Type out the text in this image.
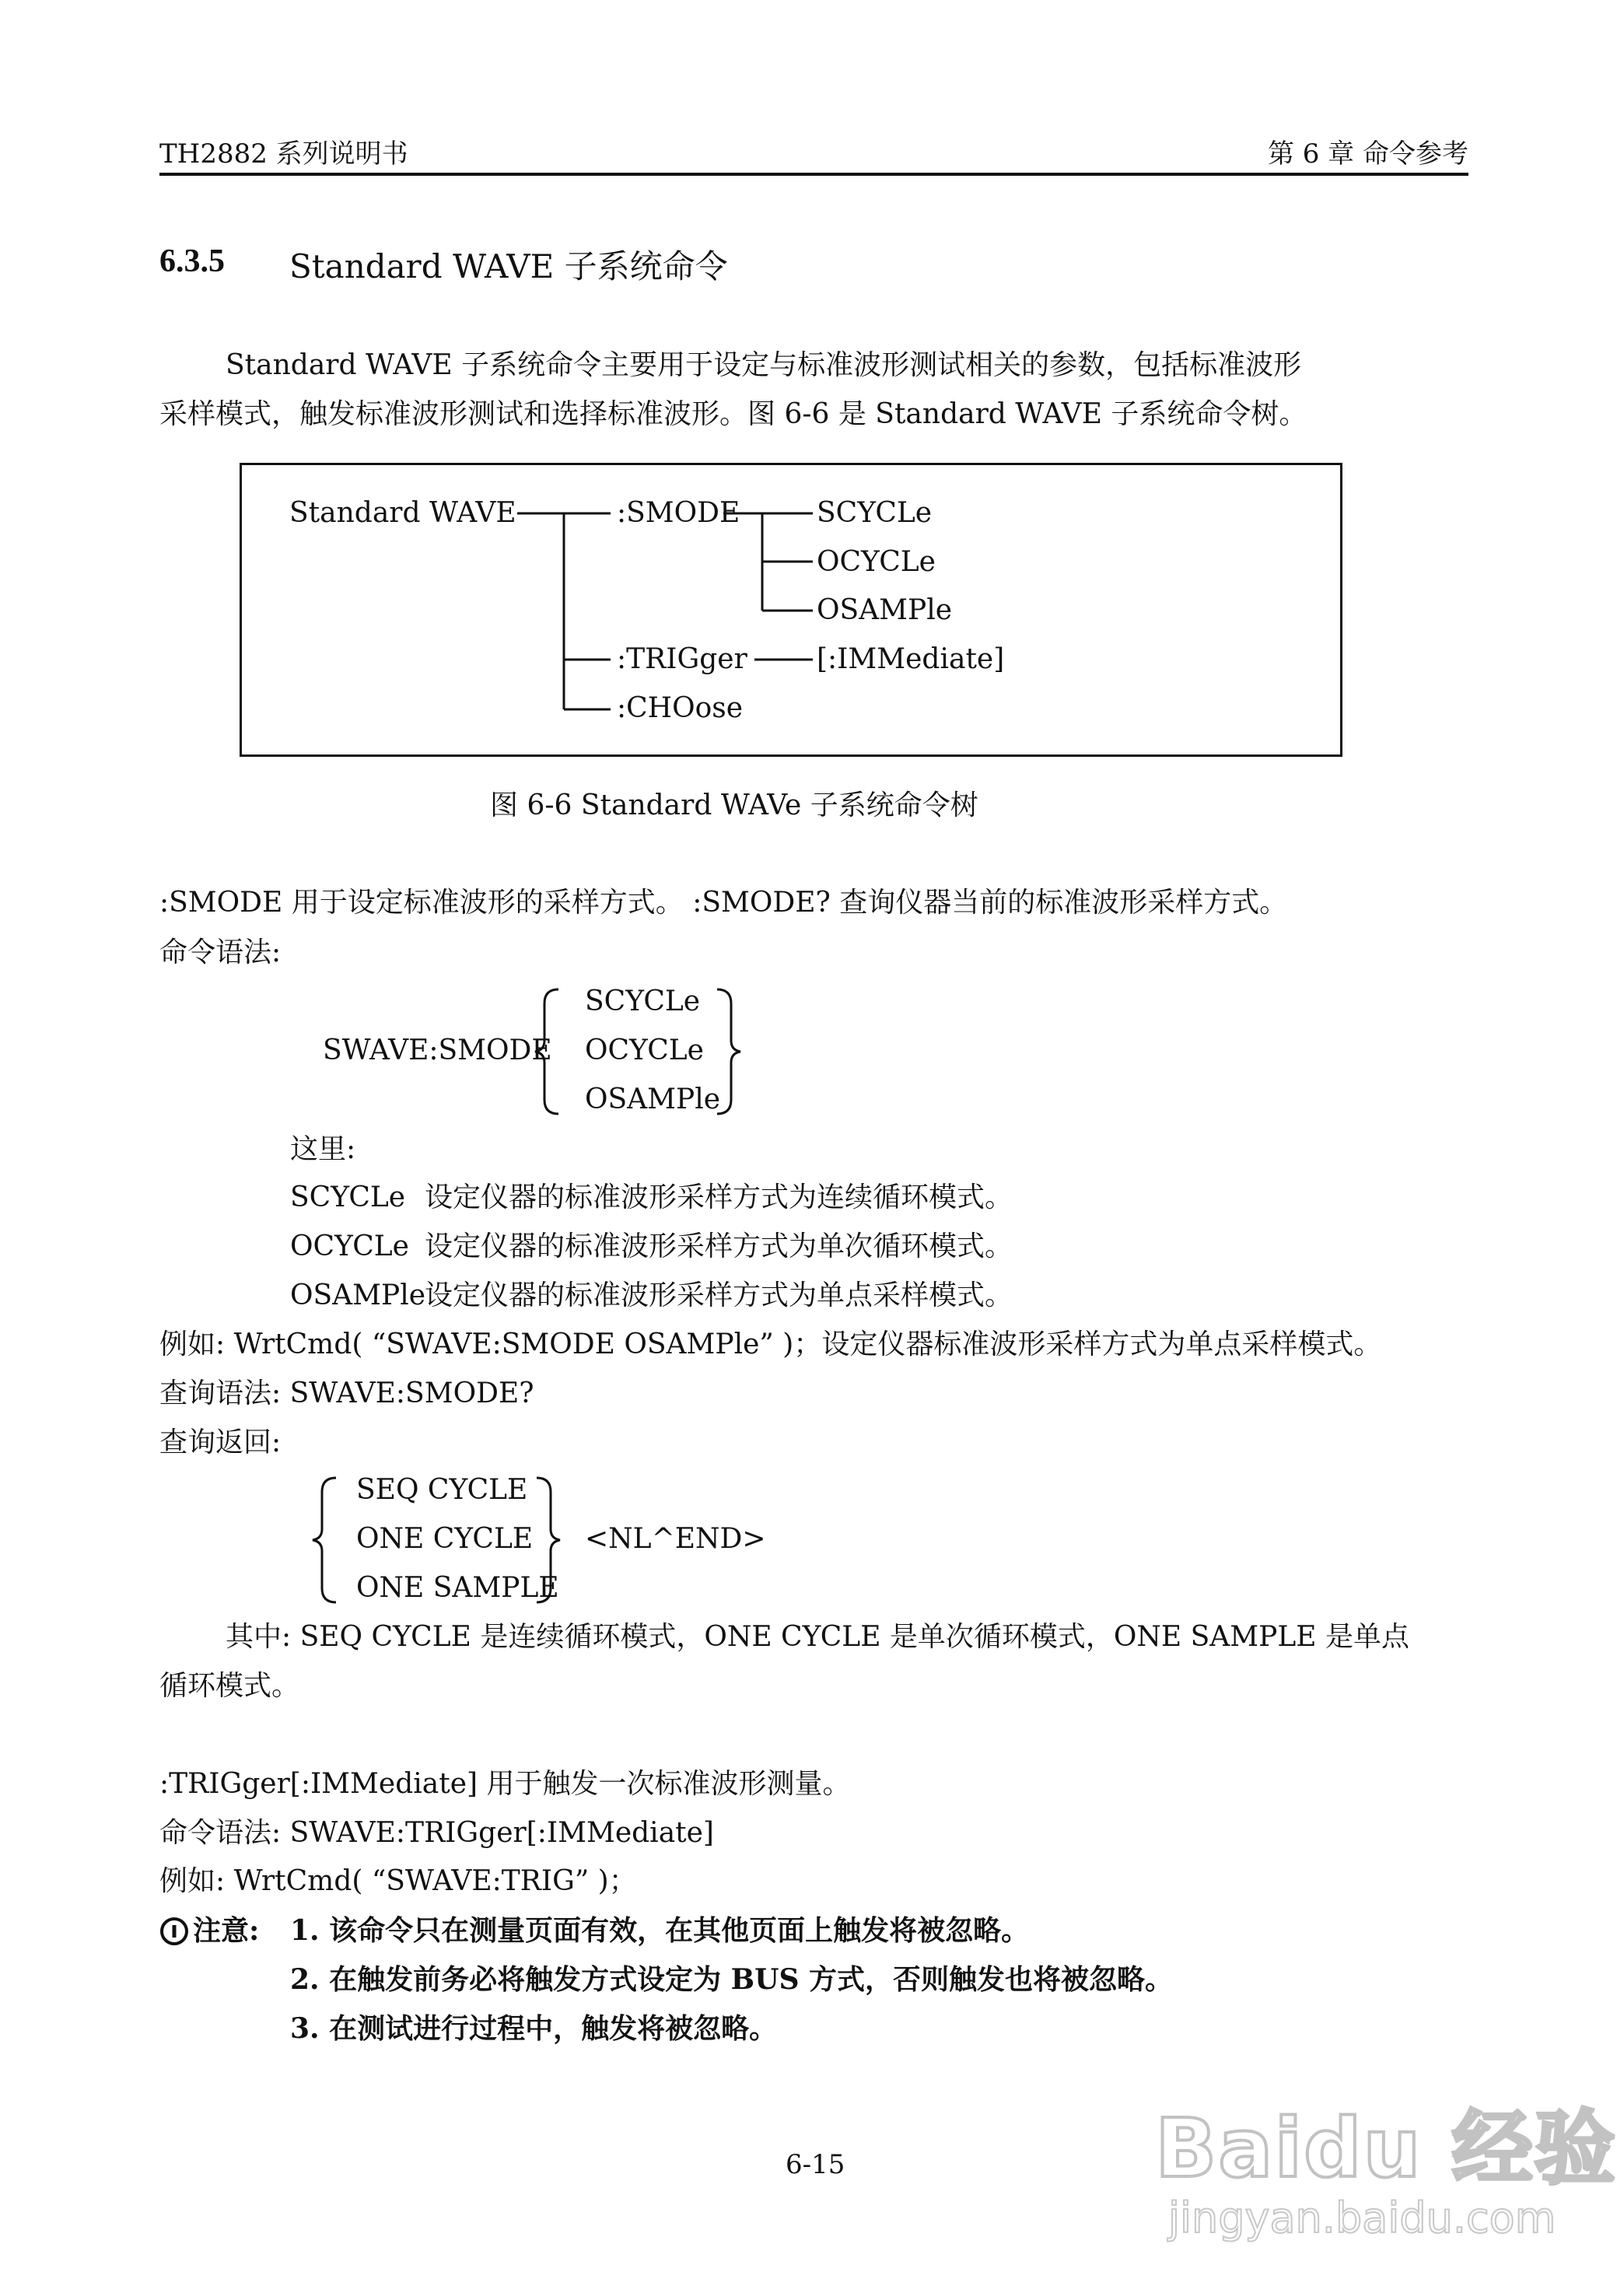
TH2882 系列说明书	第 6 章 命令参考
6.3.5 Standard WAVE 子系统命令
Standard WAVE 子系统命令主要用于设定与标准波形测试相关的参数，包括标准波形
采样模式，触发标准波形测试和选择标准波形。图 6-6 是 Standard WAVE 子系统命令树。
Standard WAVE	:SMODE	SCYCLe
OCYCLe
OSAMPle
:TRIGger [:IMMediate]
:CHOose
图 6-6 Standard WAVe 子系统命令树
:SMODE 用于设定标准波形的采样方式。 :SMODE? 查询仪器当前的标准波形采样方式。
命令语法:
SWAVE:SMODE
SCYCLe
OCYCLe
OSAMPle
这里:
SCYCLe 设定仪器的标准波形采样方式为连续循环模式。
OCYCLe 设定仪器的标准波形采样方式为单次循环模式。
OSAMPle
设定仪器的标准波形采样方式为单点采样模式。
例如: WrtCmd( “SWAVE:SMODE OSAMPle” )；设定仪器标准波形采样方式为单点采样模式。
查询语法: SWAVE:SMODE?
查询返回:
SEQ CYCLE
ONE CYCLE
ONE SAMPLE
<NL^END>
其中: SEQ CYCLE 是连续循环模式，ONE CYCLE 是单次循环模式，ONE SAMPLE 是单点
循环模式。
:TRIGger[:IMMediate] 用于触发一次标准波形测量。
命令语法: SWAVE:TRIGger[:IMMediate]
例如: WrtCmd( “SWAVE:TRIG” )；
注意: 1. 该命令只在测量页面有效，在其他页面上触发将被忽略。
2. 在触发前务必将触发方式设定为 BUS 方式，否则触发也将被忽略。
3. 在测试进行过程中，触发将被忽略。
6-15	Baidu 经验
jingyan.baidu.com
